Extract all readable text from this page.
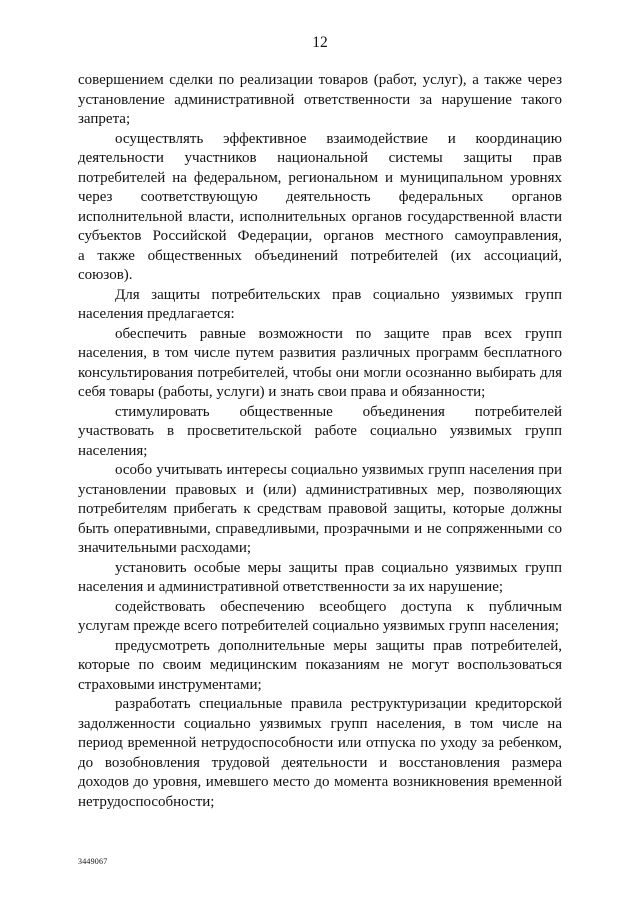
12

совершением сделки по реализации товаров (работ, услуг), а также через
установление административной ответственности за нарушение такого
запрета;

осуществлять эффективное взаимодействие и координацию
деятельности участников национальной системы защиты прав
потребителей на федеральном, региональном и муниципальном уровнях
через соответствующую деятельность федеральных органов
исполнительной власти, исполнительных органов государственной власти
субъектов Российской Федерации, органов местного самоуправления,
а также общественных объединений потребителей (их ассоциаций,
союзов).

Для защиты потребительских прав социально уязвимых групп
населения предлагается:

обеспечить равные возможности по защите прав всех групп
населения, в том числе путем развития различных программ бесплатного
консультирования потребителей, чтобы они могли осознанно выбирать для
себя товары (работы, услуги) и знать свои права и обязанности;

стимулировать общественные объединения потребителей
участвовать в просветительской работе социально уязвимых групп
населения;

особо учитывать интересы социально уязвимых групп населения при
установлении правовых и (или) административных мер, позволяющих
потребителям прибегать к средствам правовой защиты, которые должны
быть оперативными, справедливыми, прозрачными и не сопряженными со
значительными расходами;

установить особые меры защиты прав социально уязвимых групп
населения и административной ответственности за их нарушение;

содействовать обеспечению всеобщего доступа к публичным
услугам прежде всего потребителей социально уязвимых групп населения;

предусмотреть дополнительные меры защиты прав потребителей,
которые по своим медицинским показаниям не могут воспользоваться
страховыми инструментами;

разработать специальные правила реструктуризации кредиторской
задолженности социально уязвимых групп населения, в том числе на
период временной нетрудоспособности или отпуска по уходу за ребенком,
до возобновления трудовой деятельности и восстановления размера
доходов до уровня, имевшего место до момента возникновения временной
нетрудоспособности;

3449067
